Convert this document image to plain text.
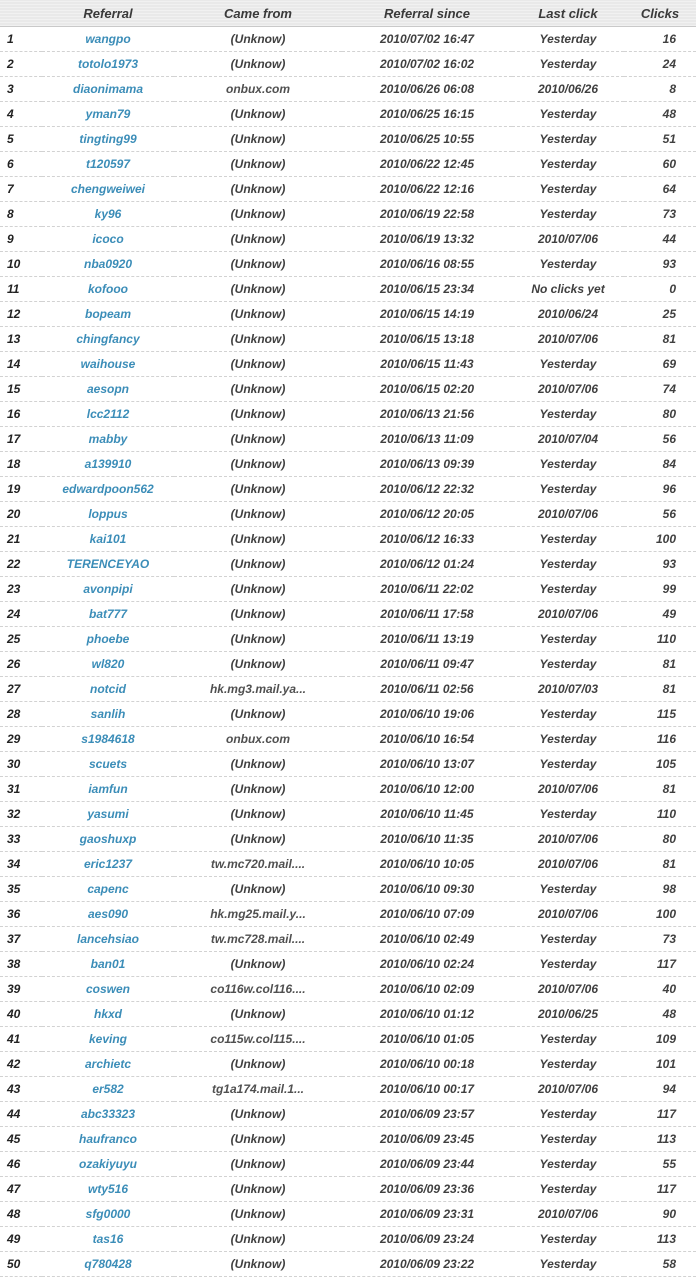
	Referral	Came from	Referral since	Last click	Clicks
1	wangpo	(Unknow)	2010/07/02 16:47	Yesterday	16
2	totolo1973	(Unknow)	2010/07/02 16:02	Yesterday	24
3	diaonimama	onbux.com	2010/06/26 06:08	2010/06/26	8
4	yman79	(Unknow)	2010/06/25 16:15	Yesterday	48
5	tingting99	(Unknow)	2010/06/25 10:55	Yesterday	51
6	t120597	(Unknow)	2010/06/22 12:45	Yesterday	60
7	chengweiwei	(Unknow)	2010/06/22 12:16	Yesterday	64
8	ky96	(Unknow)	2010/06/19 22:58	Yesterday	73
9	icoco	(Unknow)	2010/06/19 13:32	2010/07/06	44
10	nba0920	(Unknow)	2010/06/16 08:55	Yesterday	93
11	kofooo	(Unknow)	2010/06/15 23:34	No clicks yet	0
12	bopeam	(Unknow)	2010/06/15 14:19	2010/06/24	25
13	chingfancy	(Unknow)	2010/06/15 13:18	2010/07/06	81
14	waihouse	(Unknow)	2010/06/15 11:43	Yesterday	69
15	aesopn	(Unknow)	2010/06/15 02:20	2010/07/06	74
16	lcc2112	(Unknow)	2010/06/13 21:56	Yesterday	80
17	mabby	(Unknow)	2010/06/13 11:09	2010/07/04	56
18	a139910	(Unknow)	2010/06/13 09:39	Yesterday	84
19	edwardpoon562	(Unknow)	2010/06/12 22:32	Yesterday	96
20	loppus	(Unknow)	2010/06/12 20:05	2010/07/06	56
21	kai101	(Unknow)	2010/06/12 16:33	Yesterday	100
22	TERENCEYAO	(Unknow)	2010/06/12 01:24	Yesterday	93
23	avonpipi	(Unknow)	2010/06/11 22:02	Yesterday	99
24	bat777	(Unknow)	2010/06/11 17:58	2010/07/06	49
25	phoebe	(Unknow)	2010/06/11 13:19	Yesterday	110
26	wl820	(Unknow)	2010/06/11 09:47	Yesterday	81
27	notcid	hk.mg3.mail.ya...	2010/06/11 02:56	2010/07/03	81
28	sanlih	(Unknow)	2010/06/10 19:06	Yesterday	115
29	s1984618	onbux.com	2010/06/10 16:54	Yesterday	116
30	scuets	(Unknow)	2010/06/10 13:07	Yesterday	105
31	iamfun	(Unknow)	2010/06/10 12:00	2010/07/06	81
32	yasumi	(Unknow)	2010/06/10 11:45	Yesterday	110
33	gaoshuxp	(Unknow)	2010/06/10 11:35	2010/07/06	80
34	eric1237	tw.mc720.mail....	2010/06/10 10:05	2010/07/06	81
35	capenc	(Unknow)	2010/06/10 09:30	Yesterday	98
36	aes090	hk.mg25.mail.y...	2010/06/10 07:09	2010/07/06	100
37	lancehsiao	tw.mc728.mail....	2010/06/10 02:49	Yesterday	73
38	ban01	(Unknow)	2010/06/10 02:24	Yesterday	117
39	coswen	co116w.col116....	2010/06/10 02:09	2010/07/06	40
40	hkxd	(Unknow)	2010/06/10 01:12	2010/06/25	48
41	keving	co115w.col115....	2010/06/10 01:05	Yesterday	109
42	archietc	(Unknow)	2010/06/10 00:18	Yesterday	101
43	er582	tg1a174.mail.1...	2010/06/10 00:17	2010/07/06	94
44	abc33323	(Unknow)	2010/06/09 23:57	Yesterday	117
45	haufranco	(Unknow)	2010/06/09 23:45	Yesterday	113
46	ozakiyuyu	(Unknow)	2010/06/09 23:44	Yesterday	55
47	wty516	(Unknow)	2010/06/09 23:36	Yesterday	117
48	sfg0000	(Unknow)	2010/06/09 23:31	2010/07/06	90
49	tas16	(Unknow)	2010/06/09 23:24	Yesterday	113
50	q780428	(Unknow)	2010/06/09 23:22	Yesterday	58
